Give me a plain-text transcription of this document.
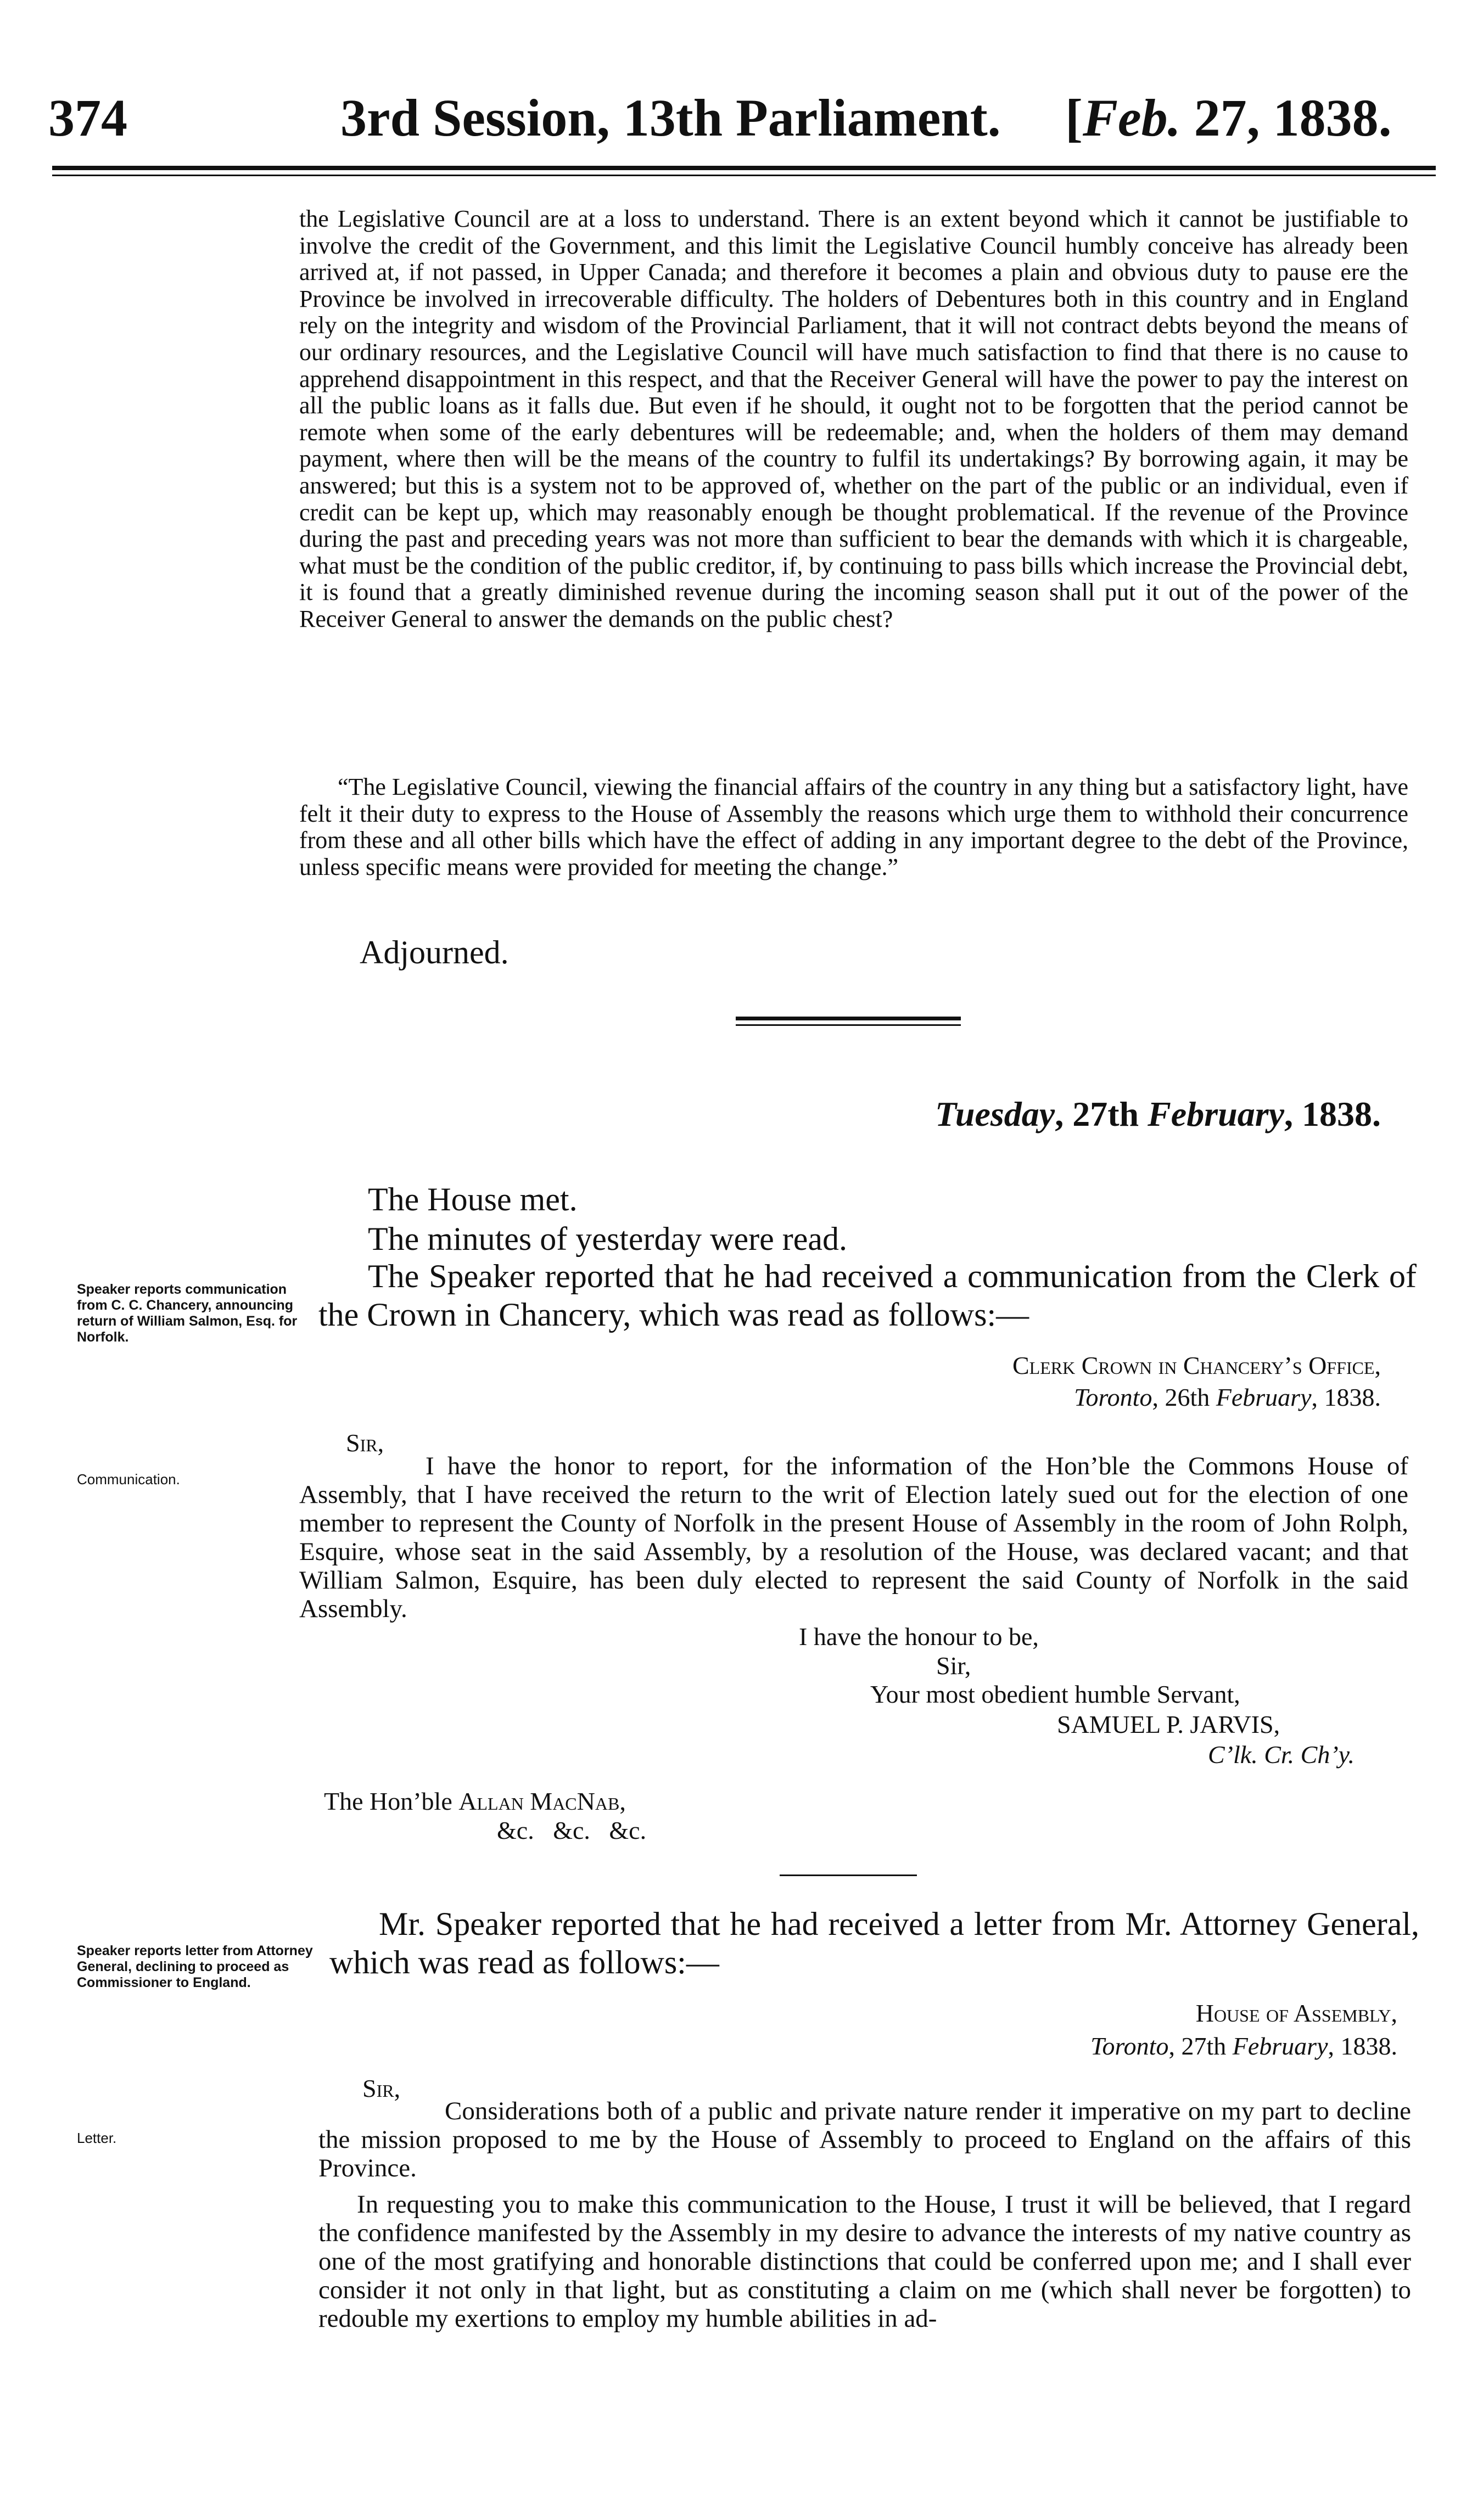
374	3rd Session, 13th Parliament. [Feb. 27, 1838.

the Legislative Council are at a loss to understand. There is an extent beyond which it cannot be justifiable to involve the credit of the Government, and this limit the Legislative Council humbly conceive has already been arrived at, if not passed, in Upper Canada; and therefore it becomes a plain and obvious duty to pause ere the Province be involved in irrecoverable difficulty. The holders of Debentures both in this country and in England rely on the integrity and wisdom of the Provincial Parliament, that it will not contract debts beyond the means of our ordinary resources, and the Legislative Council will have much satisfaction to find that there is no cause to apprehend disappointment in this respect, and that the Receiver General will have the power to pay the interest on all the public loans as it falls due. But even if he should, it ought not to be forgotten that the period cannot be remote when some of the early debentures will be redeemable; and, when the holders of them may demand payment, where then will be the means of the country to fulfil its undertakings? By borrowing again, it may be answered; but this is a system not to be approved of, whether on the part of the public or an individual, even if credit can be kept up, which may reasonably enough be thought problematical. If the revenue of the Province during the past and preceding years was not more than sufficient to bear the demands with which it is chargeable, what must be the condition of the public creditor, if, by continuing to pass bills which increase the Provincial debt, it is found that a greatly diminished revenue during the incoming season shall put it out of the power of the Receiver General to answer the demands on the public chest?

“The Legislative Council, viewing the financial affairs of the country in any thing but a satisfactory light, have felt it their duty to express to the House of Assembly the reasons which urge them to withhold their concurrence from these and all other bills which have the effect of adding in any important degree to the debt of the Province, unless specific means were provided for meeting the change.”

Adjourned.

Tuesday, 27th February, 1838.

The House met.

The minutes of yesterday were read.

The Speaker reported that he had received a communication from the Clerk of the Crown in Chancery, which was read as follows:—

Speaker reports communication from C. C. Chancery, announcing return of William Salmon, Esq. for Norfolk.
Clerk Crown in Chancery’s Office,
Toronto, 26th February, 1838.

Sir,

Communication.	I have the honor to report, for the information of the Hon’ble the Commons House of Assembly, that I have received the return to the writ of Election lately sued out for the election of one member to represent the County of Norfolk in the present House of Assembly in the room of John Rolph, Esquire, whose seat in the said Assembly, by a resolution of the House, was declared vacant; and that William Salmon, Esquire, has been duly elected to represent the said County of Norfolk in the said Assembly.

I have the honour to be,

Sir,

Your most obedient humble Servant,

SAMUEL P. JARVIS,

C’lk. Cr. Ch’y.

The Hon’ble Allan MacNab,

&c.   &c.   &c.

Mr. Speaker reported that he had received a letter from Mr. Attorney General, which was read as follows:—

Speaker reports letter from Attorney General, declining to proceed as Commissioner to England.
House of Assembly,
Toronto, 27th February, 1838.

Sir,

Letter.

Considerations both of a public and private nature render it imperative on my part to decline the mission proposed to me by the House of Assembly to proceed to England on the affairs of this Province.

In requesting you to make this communication to the House, I trust it will be believed, that I regard the confidence manifested by the Assembly in my desire to advance the interests of my native country as one of the most gratifying and honorable distinctions that could be conferred upon me; and I shall ever consider it not only in that light, but as constituting a claim on me (which shall never be forgotten) to redouble my exertions to employ my humble abilities in ad-
